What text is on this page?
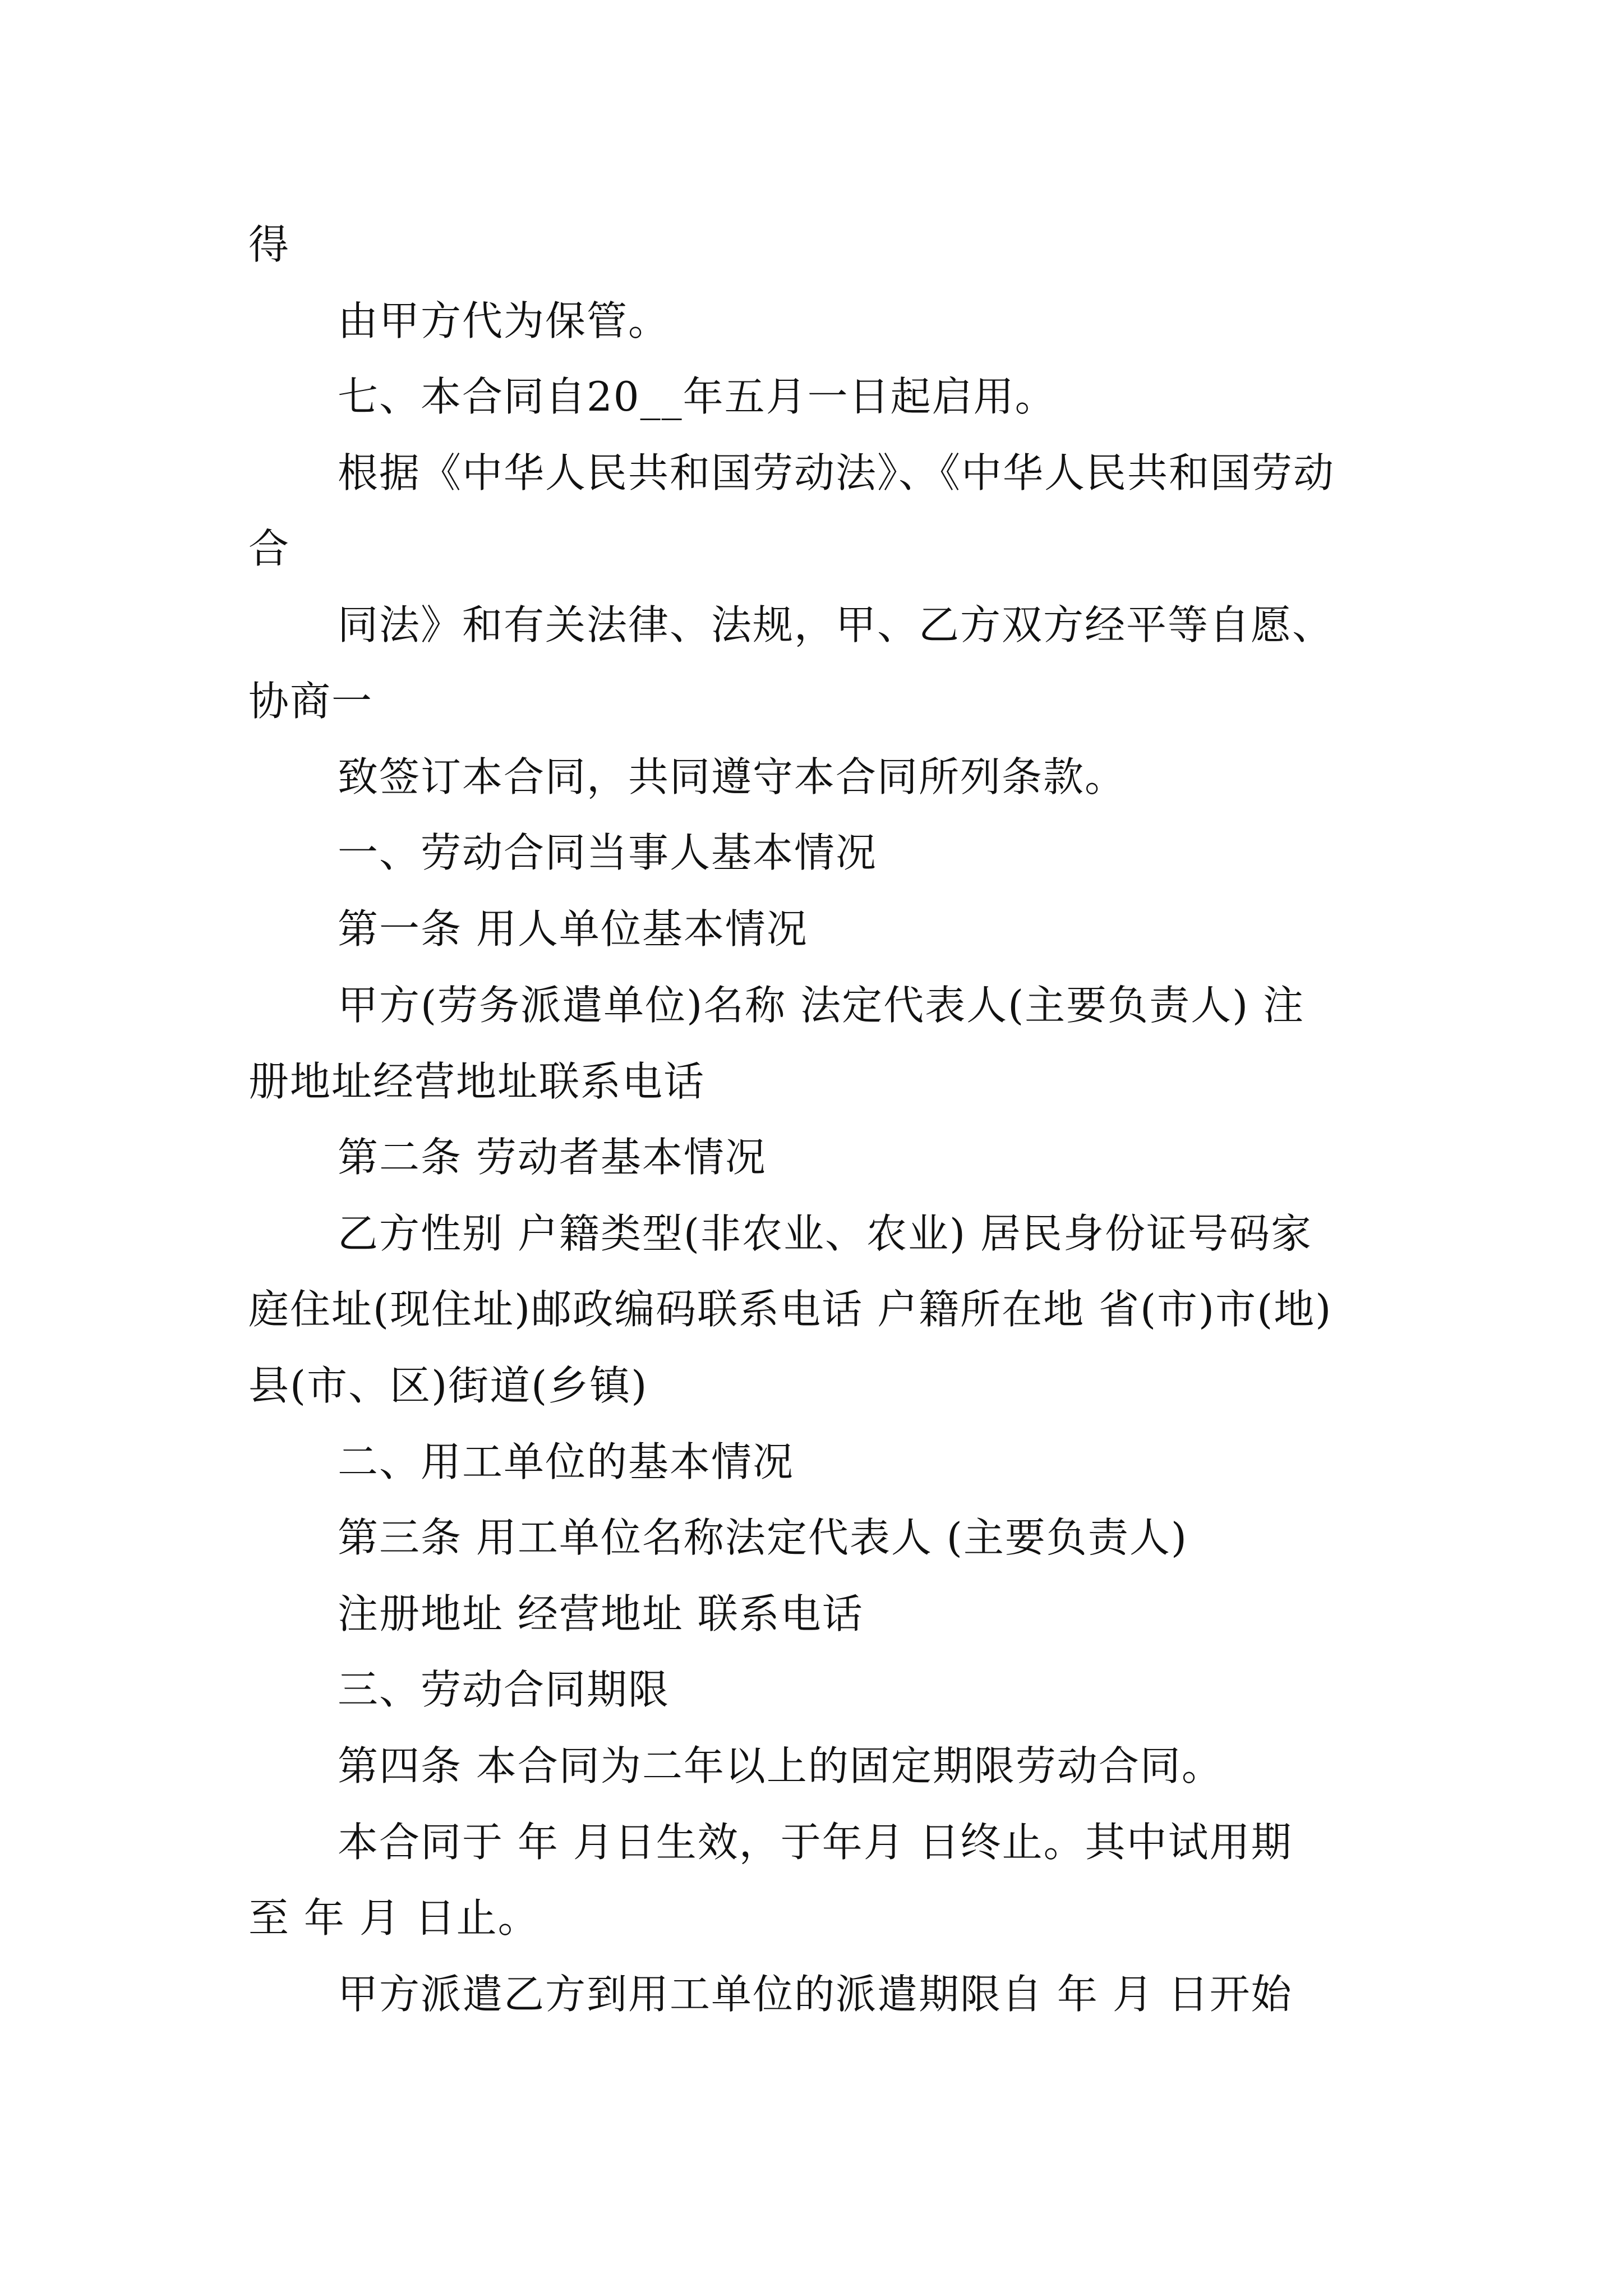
得
由甲方代为保管。
七、本合同自20__年五月一日起启用。
根据《中华人民共和国劳动法》、《中华人民共和国劳动
合
同法》和有关法律、法规，甲、乙方双方经平等自愿、
协商一
致签订本合同，共同遵守本合同所列条款。
一、劳动合同当事人基本情况
第一条 用人单位基本情况
甲方(劳务派遣单位)名称 法定代表人(主要负责人) 注
册地址经营地址联系电话
第二条 劳动者基本情况
乙方性别 户籍类型(非农业、农业) 居民身份证号码家
庭住址(现住址)邮政编码联系电话 户籍所在地 省(市)市(地)
县(市、区)街道(乡镇)
二、用工单位的基本情况
第三条 用工单位名称法定代表人 (主要负责人)
注册地址 经营地址 联系电话
三、劳动合同期限
第四条 本合同为二年以上的固定期限劳动合同。
本合同于 年 月日生效，于年月 日终止。其中试用期
至 年 月 日止。
甲方派遣乙方到用工单位的派遣期限自 年 月 日开始
